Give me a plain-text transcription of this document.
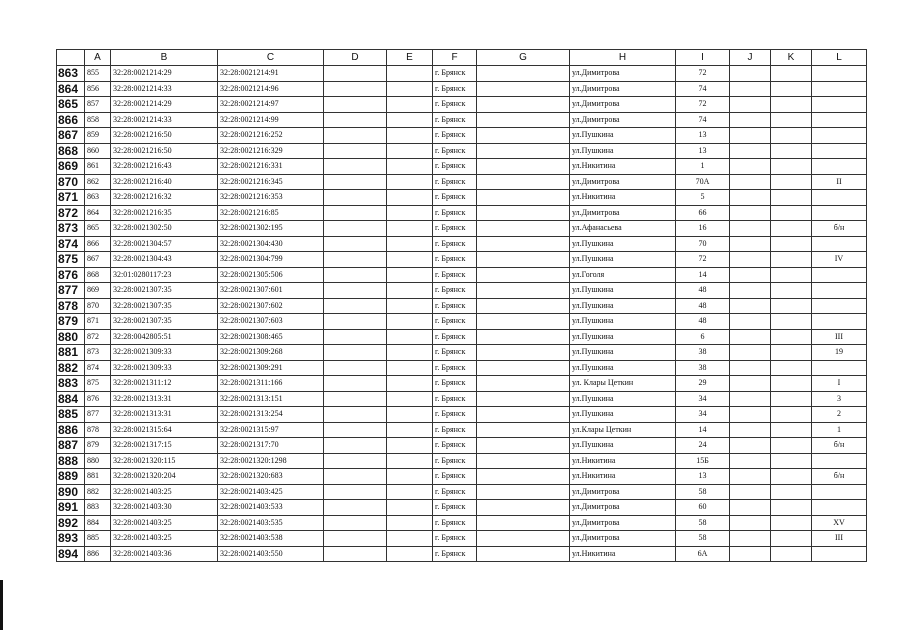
	A	B	C	D	E	F	G	H	I	J	K	L
863	855	32:28:0021214:29	32:28:0021214:91			г. Брянск		ул.Димитрова	72			
864	856	32:28:0021214:33	32:28:0021214:96			г. Брянск		ул.Димитрова	74			
865	857	32:28:0021214:29	32:28:0021214:97			г. Брянск		ул.Димитрова	72			
866	858	32:28:0021214:33	32:28:0021214:99			г. Брянск		ул.Димитрова	74			
867	859	32:28:0021216:50	32:28:0021216:252			г. Брянск		ул.Пушкина	13			
868	860	32:28:0021216:50	32:28:0021216:329			г. Брянск		ул.Пушкина	13			
869	861	32:28:0021216:43	32:28:0021216:331			г. Брянск		ул.Никитина	1			
870	862	32:28:0021216:40	32:28:0021216:345			г. Брянск		ул.Димитрова	70А			II
871	863	32:28:0021216:32	32:28:0021216:353			г. Брянск		ул.Никитина	5			
872	864	32:28:0021216:35	32:28:0021216:85			г. Брянск		ул.Димитрова	66			
873	865	32:28:0021302:50	32:28:0021302:195			г. Брянск		ул.Афанасьева	16			б/н
874	866	32:28:0021304:57	32:28:0021304:430			г. Брянск		ул.Пушкина	70			
875	867	32:28:0021304:43	32:28:0021304:799			г. Брянск		ул.Пушкина	72			IV
876	868	32:01:0280117:23	32:28:0021305:506			г. Брянск		ул.Гоголя	14			
877	869	32:28:0021307:35	32:28:0021307:601			г. Брянск		ул.Пушкина	48			
878	870	32:28:0021307:35	32:28:0021307:602			г. Брянск		ул.Пушкина	48			
879	871	32:28:0021307:35	32:28:0021307:603			г. Брянск		ул.Пушкина	48			
880	872	32:28:0042805:51	32:28:0021308:465			г. Брянск		ул.Пушкина	6			III
881	873	32:28:0021309:33	32:28:0021309:268			г. Брянск		ул.Пушкина	38			19
882	874	32:28:0021309:33	32:28:0021309:291			г. Брянск		ул.Пушкина	38			
883	875	32:28:0021311:12	32:28:0021311:166			г. Брянск		ул. Клары Цеткин	29			I
884	876	32:28:0021313:31	32:28:0021313:151			г. Брянск		ул.Пушкина	34			3
885	877	32:28:0021313:31	32:28:0021313:254			г. Брянск		ул.Пушкина	34			2
886	878	32:28:0021315:64	32:28:0021315:97			г. Брянск		ул.Клары Цеткин	14			1
887	879	32:28:0021317:15	32:28:0021317:70			г. Брянск		ул.Пушкина	24			б/н
888	880	32:28:0021320:115	32:28:0021320:1298			г. Брянск		ул.Никитина	15Б			
889	881	32:28:0021320:204	32:28:0021320:683			г. Брянск		ул.Никитина	13			б/н
890	882	32:28:0021403:25	32:28:0021403:425			г. Брянск		ул.Димитрова	58			
891	883	32:28:0021403:30	32:28:0021403:533			г. Брянск		ул.Димитрова	60			
892	884	32:28:0021403:25	32:28:0021403:535			г. Брянск		ул.Димитрова	58			XV
893	885	32:28:0021403:25	32:28:0021403:538			г. Брянск		ул.Димитрова	58			III
894	886	32:28:0021403:36	32:28:0021403:550			г. Брянск		ул.Никитина	6А			
